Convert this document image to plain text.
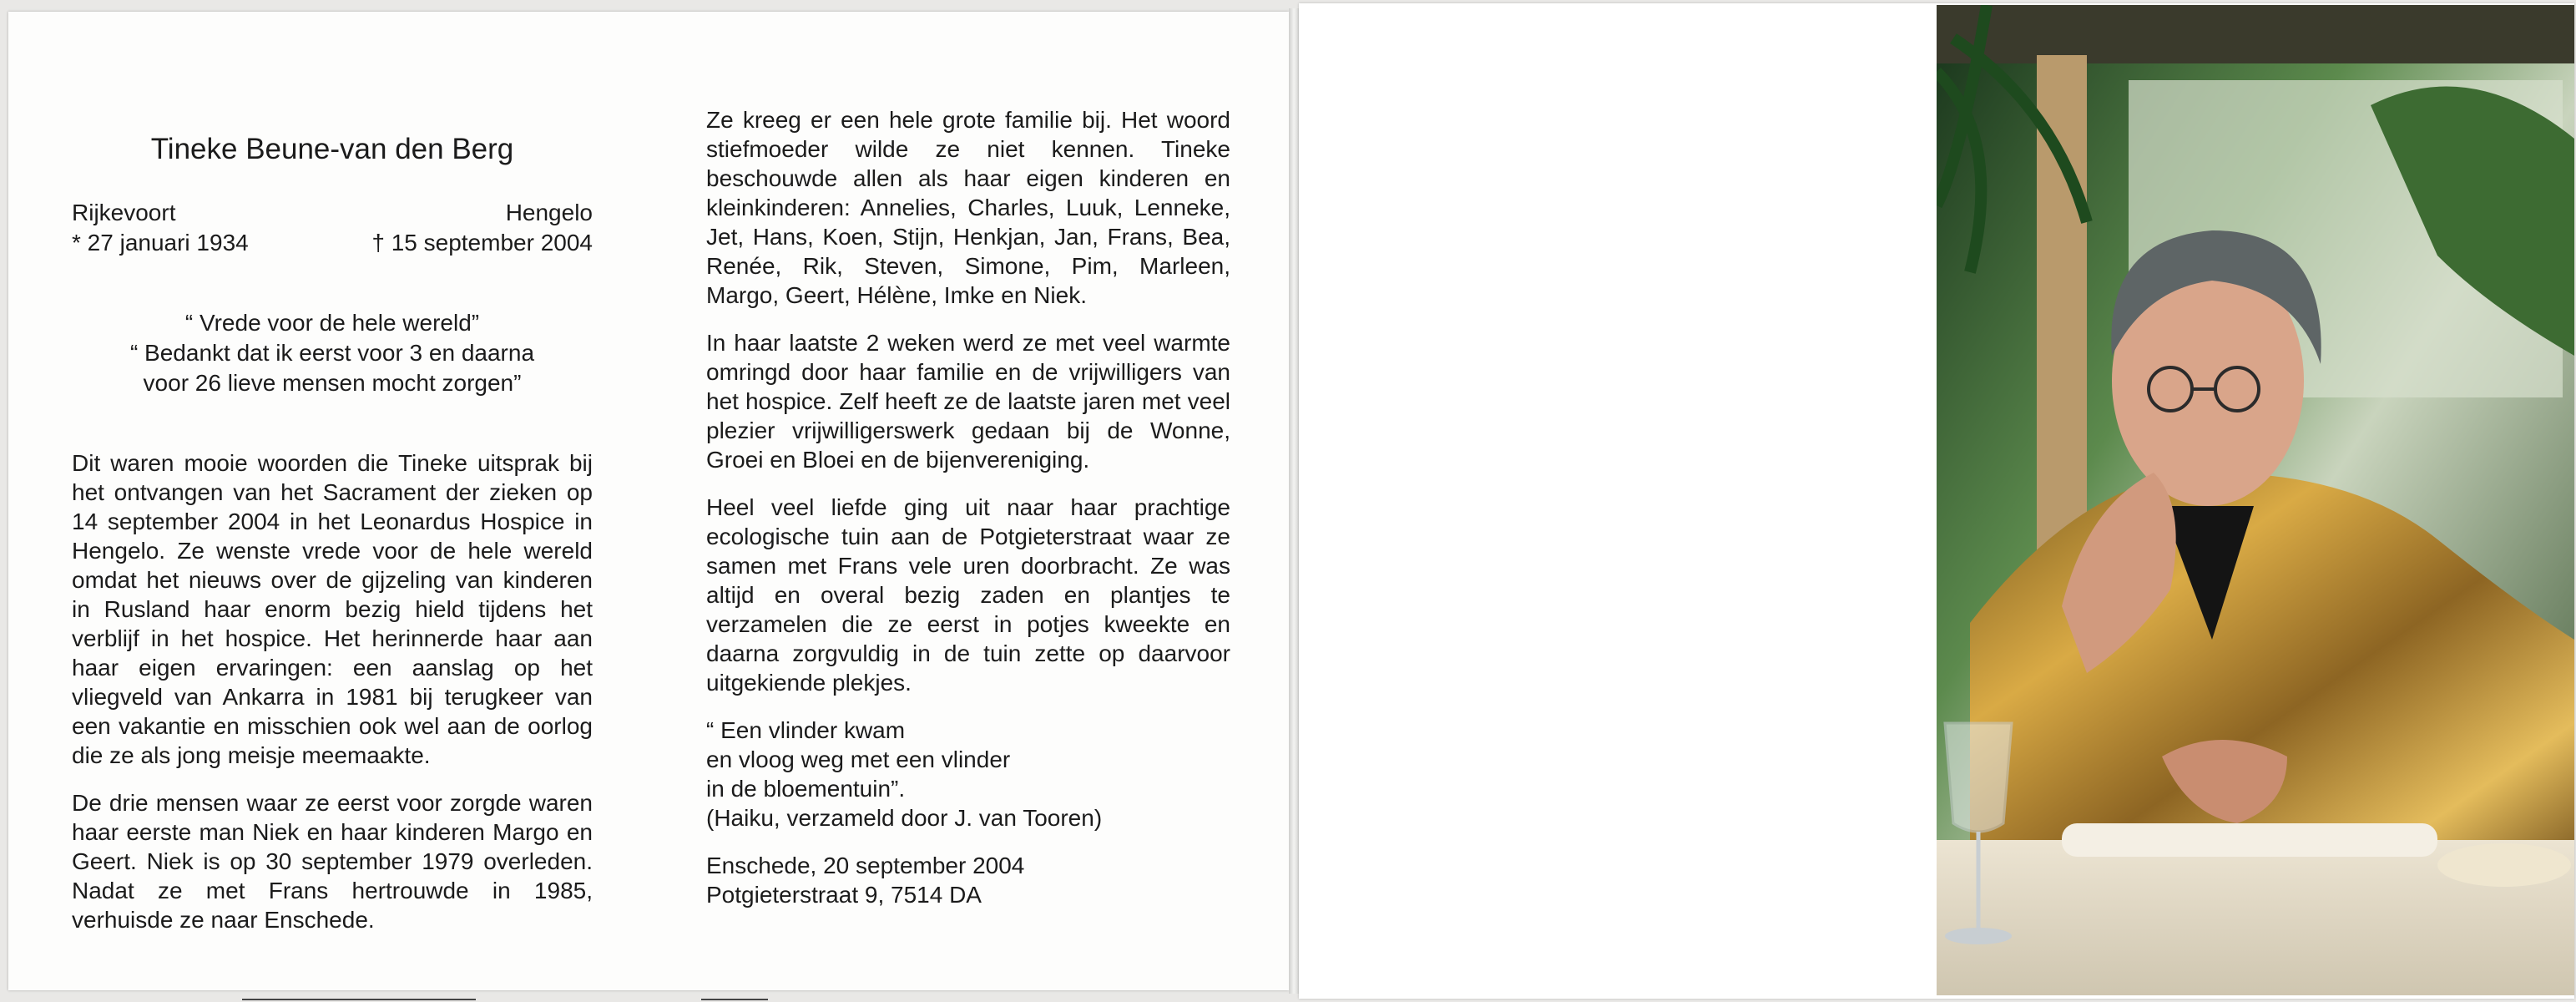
Tineke Beune-van den Berg
Rijkevoort	Hengelo
* 27 januari 1934	† 15 september 2004
“ Vrede voor de hele wereld”
“ Bedankt dat ik eerst voor 3 en daarna
voor 26 lieve mensen mocht zorgen”

Dit waren mooie woorden die Tineke uitsprak bij het ontvangen van het Sacrament der zieken op 14 september 2004 in het Leonardus Hospice in Hengelo. Ze wenste vrede voor de hele wereld omdat het nieuws over de gijzeling van kinderen in Rusland haar enorm bezig hield tijdens het verblijf in het hospice. Het herinnerde haar aan haar eigen ervaringen: een aanslag op het vliegveld van Ankarra in 1981 bij terugkeer van een vakantie en misschien ook wel aan de oorlog die ze als jong meisje meemaakte.

De drie mensen waar ze eerst voor zorgde waren haar eerste man Niek en haar kinderen Margo en Geert. Niek is op 30 september 1979 overleden. Nadat ze met Frans hertrouwde in 1985, verhuisde ze naar Enschede.

Ze kreeg er een hele grote familie bij. Het woord stiefmoeder wilde ze niet kennen. Tineke beschouwde allen als haar eigen kinderen en kleinkinderen: Annelies, Charles, Luuk, Lenneke, Jet, Hans, Koen, Stijn, Henkjan, Jan, Frans, Bea, Renée, Rik, Steven, Simone, Pim, Marleen, Margo, Geert, Hélène, Imke en Niek.

In haar laatste 2 weken werd ze met veel warmte omringd door haar familie en de vrijwilligers van het hospice. Zelf heeft ze de laatste jaren met veel plezier vrijwilligerswerk gedaan bij de Wonne, Groei en Bloei en de bijenvereniging.

Heel veel liefde ging uit naar haar prachtige ecologische tuin aan de Potgieterstraat waar ze samen met Frans vele uren doorbracht. Ze was altijd en overal bezig zaden en plantjes te verzamelen die ze eerst in potjes kweekte en daarna zorgvuldig in de tuin zette op daarvoor uitgekiende plekjes.

“ Een vlinder kwam
en vloog weg met een vlinder
in de bloementuin”.
(Haiku, verzameld door J. van Tooren)
Enschede, 20 september 2004
Potgieterstraat 9, 7514 DA
